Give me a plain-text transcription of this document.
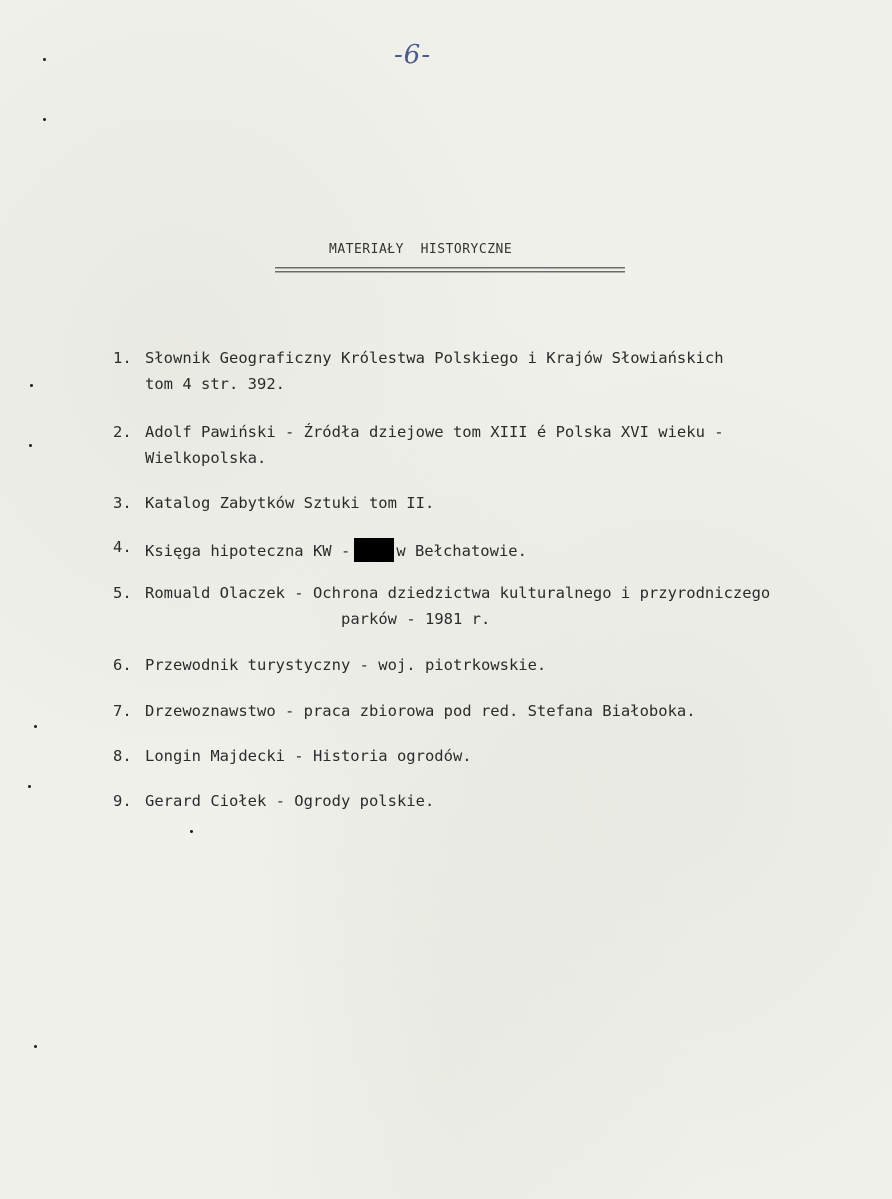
-6-
MATERIAŁY  HISTORYCZNE
1. Słownik Geograficzny Królestwa Polskiego i Krajów Słowiańskich
tom 4 str. 392.
2. Adolf Pawiński - Źródła dziejowe tom XIII é Polska XVI wieku -
Wielkopolska.
3. Katalog Zabytków Sztuki tom II.
4. Księga hipoteczna KW -	w Bełchatowie.
5. Romuald Olaczek - Ochrona dziedzictwa kulturalnego i przyrodniczego
parków - 1981 r.
6. Przewodnik turystyczny - woj. piotrkowskie.
7. Drzewoznawstwo - praca zbiorowa pod red. Stefana Białoboka.
8. Longin Majdecki - Historia ogrodów.
9. Gerard Ciołek - Ogrody polskie.
